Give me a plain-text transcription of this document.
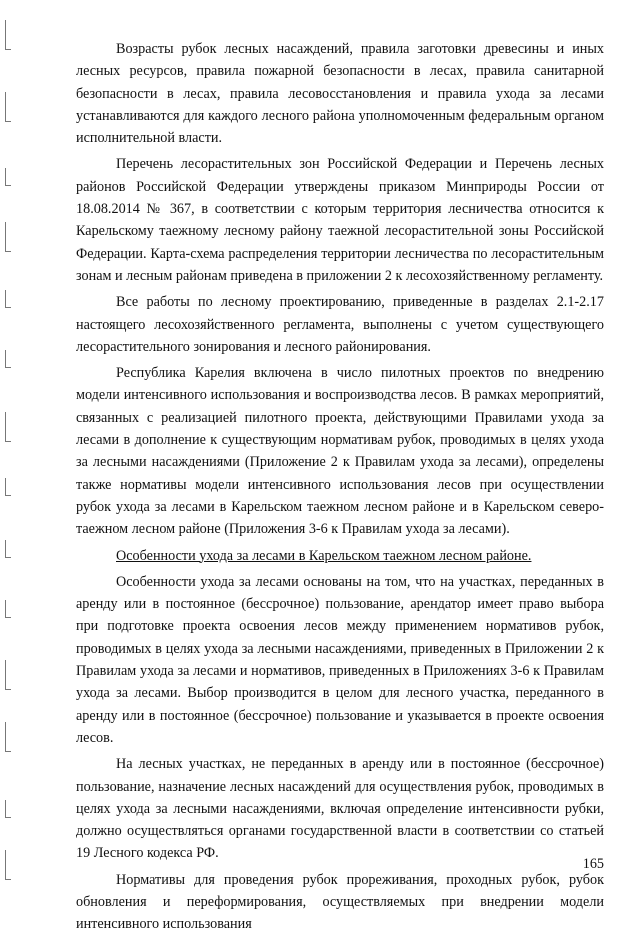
Возрасты рубок лесных насаждений, правила заготовки древесины и иных лесных ресурсов, правила пожарной безопасности в лесах, правила санитарной безопасности в лесах, правила лесовосстановления и правила ухода за лесами устанавливаются для каждого лесного района уполномоченным федеральным органом исполнительной власти.

Перечень лесорастительных зон Российской Федерации и Перечень лесных районов Российской Федерации утверждены приказом Минприроды России от 18.08.2014 № 367, в соответствии с которым территория лесничества относится к Карельскому таежному лесному району таежной лесорастительной зоны Российской Федерации. Карта-схема распределения территории лесничества по лесорастительным зонам и лесным районам приведена в приложении 2 к лесохозяйственному регламенту.

Все работы по лесному проектированию, приведенные в разделах 2.1-2.17 настоящего лесохозяйственного регламента, выполнены с учетом существующего лесорастительного зонирования и лесного районирования.

Республика Карелия включена в число пилотных проектов по внедрению модели интенсивного использования и воспроизводства лесов. В рамках мероприятий, связанных с реализацией пилотного проекта, действующими Правилами ухода за лесами в дополнение к существующим нормативам рубок, проводимых в целях ухода за лесными насаждениями (Приложение 2 к Правилам ухода за лесами), определены также нормативы модели интенсивного использования лесов при осуществлении рубок ухода за лесами в Карельском таежном лесном районе и в Карельском северо-таежном лесном районе (Приложения 3-6 к Правилам ухода за лесами).

Особенности ухода за лесами в Карельском таежном лесном районе.

Особенности ухода за лесами основаны на том, что на участках, переданных в аренду или в постоянное (бессрочное) пользование, арендатор имеет право выбора при подготовке проекта освоения лесов между применением нормативов рубок, проводимых в целях ухода за лесными насаждениями, приведенных в Приложении 2 к Правилам ухода за лесами и нормативов, приведенных в Приложениях 3-6 к Правилам ухода за лесами. Выбор производится в целом для лесного участка, переданного в аренду или в постоянное (бессрочное) пользование и указывается в проекте освоения лесов.

На лесных участках, не переданных в аренду или в постоянное (бессрочное) пользование, назначение лесных насаждений для осуществления рубок, проводимых в целях ухода за лесными насаждениями, включая определение интенсивности рубки, должно осуществляться органами государственной власти в соответствии со статьей 19 Лесного кодекса РФ.

Нормативы для проведения рубок прореживания, проходных рубок, рубок обновления и переформирования, осуществляемых при внедрении модели интенсивного использования

165
